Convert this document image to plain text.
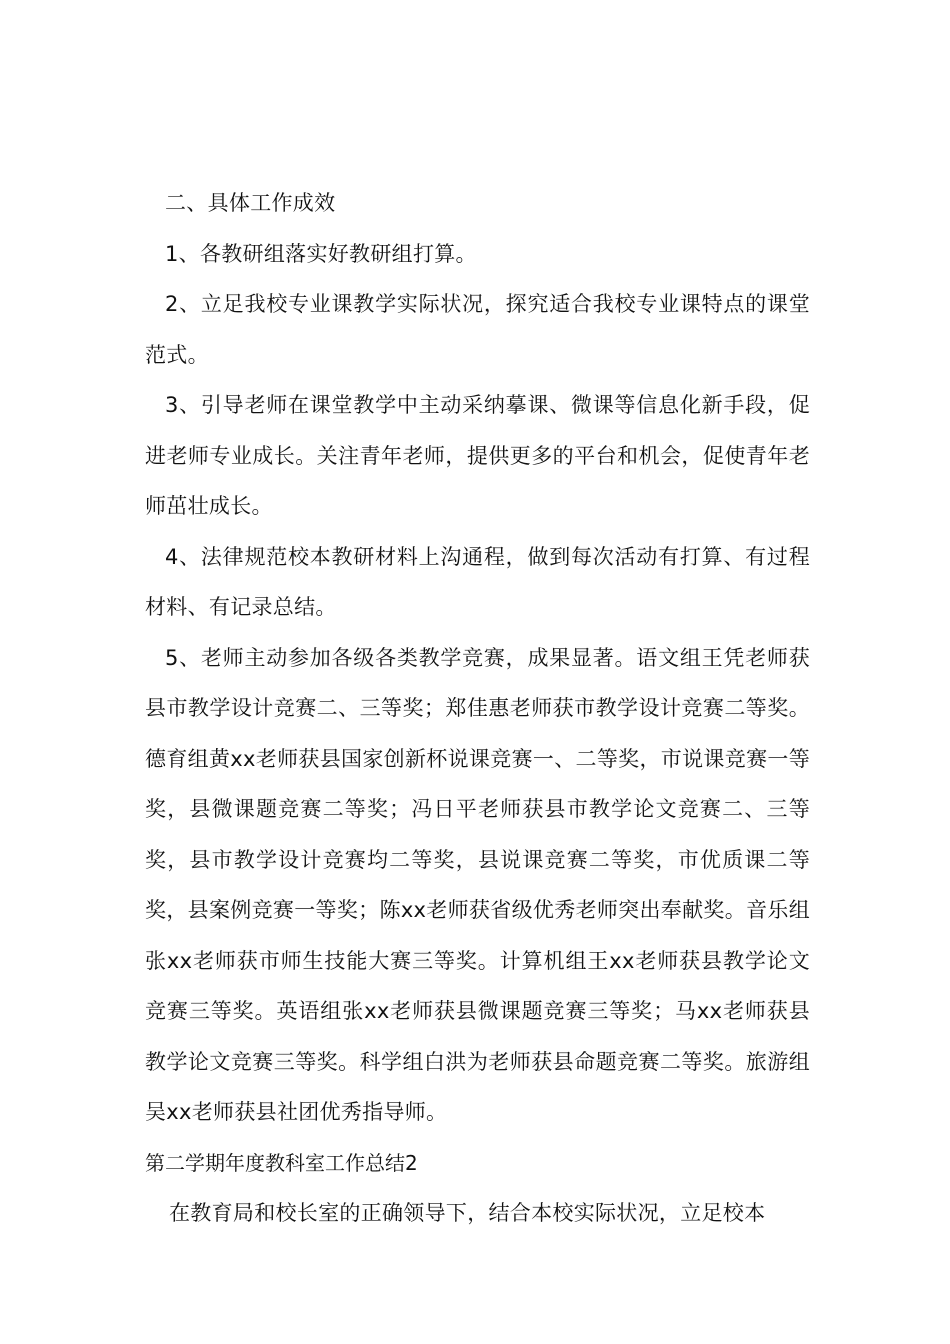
二、具体工作成效

1、各教研组落实好教研组打算。

2、立足我校专业课教学实际状况，探究适合我校专业课特点的课堂范式。

3、引导老师在课堂教学中主动采纳摹课、微课等信息化新手段，促进老师专业成长。关注青年老师，提供更多的平台和机会，促使青年老师茁壮成长。

4、法律规范校本教研材料上沟通程，做到每次活动有打算、有过程材料、有记录总结。

5、老师主动参加各级各类教学竞赛，成果显著。语文组王凭老师获县市教学设计竞赛二、三等奖；郑佳惠老师获市教学设计竞赛二等奖。德育组黄xx老师获县国家创新杯说课竞赛一、二等奖，市说课竞赛一等奖，县微课题竞赛二等奖；冯日平老师获县市教学论文竞赛二、三等奖，县市教学设计竞赛均二等奖，县说课竞赛二等奖，市优质课二等奖，县案例竞赛一等奖；陈xx老师获省级优秀老师突出奉献奖。音乐组张xx老师获市师生技能大赛三等奖。计算机组王xx老师获县教学论文竞赛三等奖。英语组张xx老师获县微课题竞赛三等奖；马xx老师获县教学论文竞赛三等奖。科学组白洪为老师获县命题竞赛二等奖。旅游组吴xx老师获县社团优秀指导师。

第二学期年度教科室工作总结2

在教育局和校长室的正确领导下，结合本校实际状况，立足校本
